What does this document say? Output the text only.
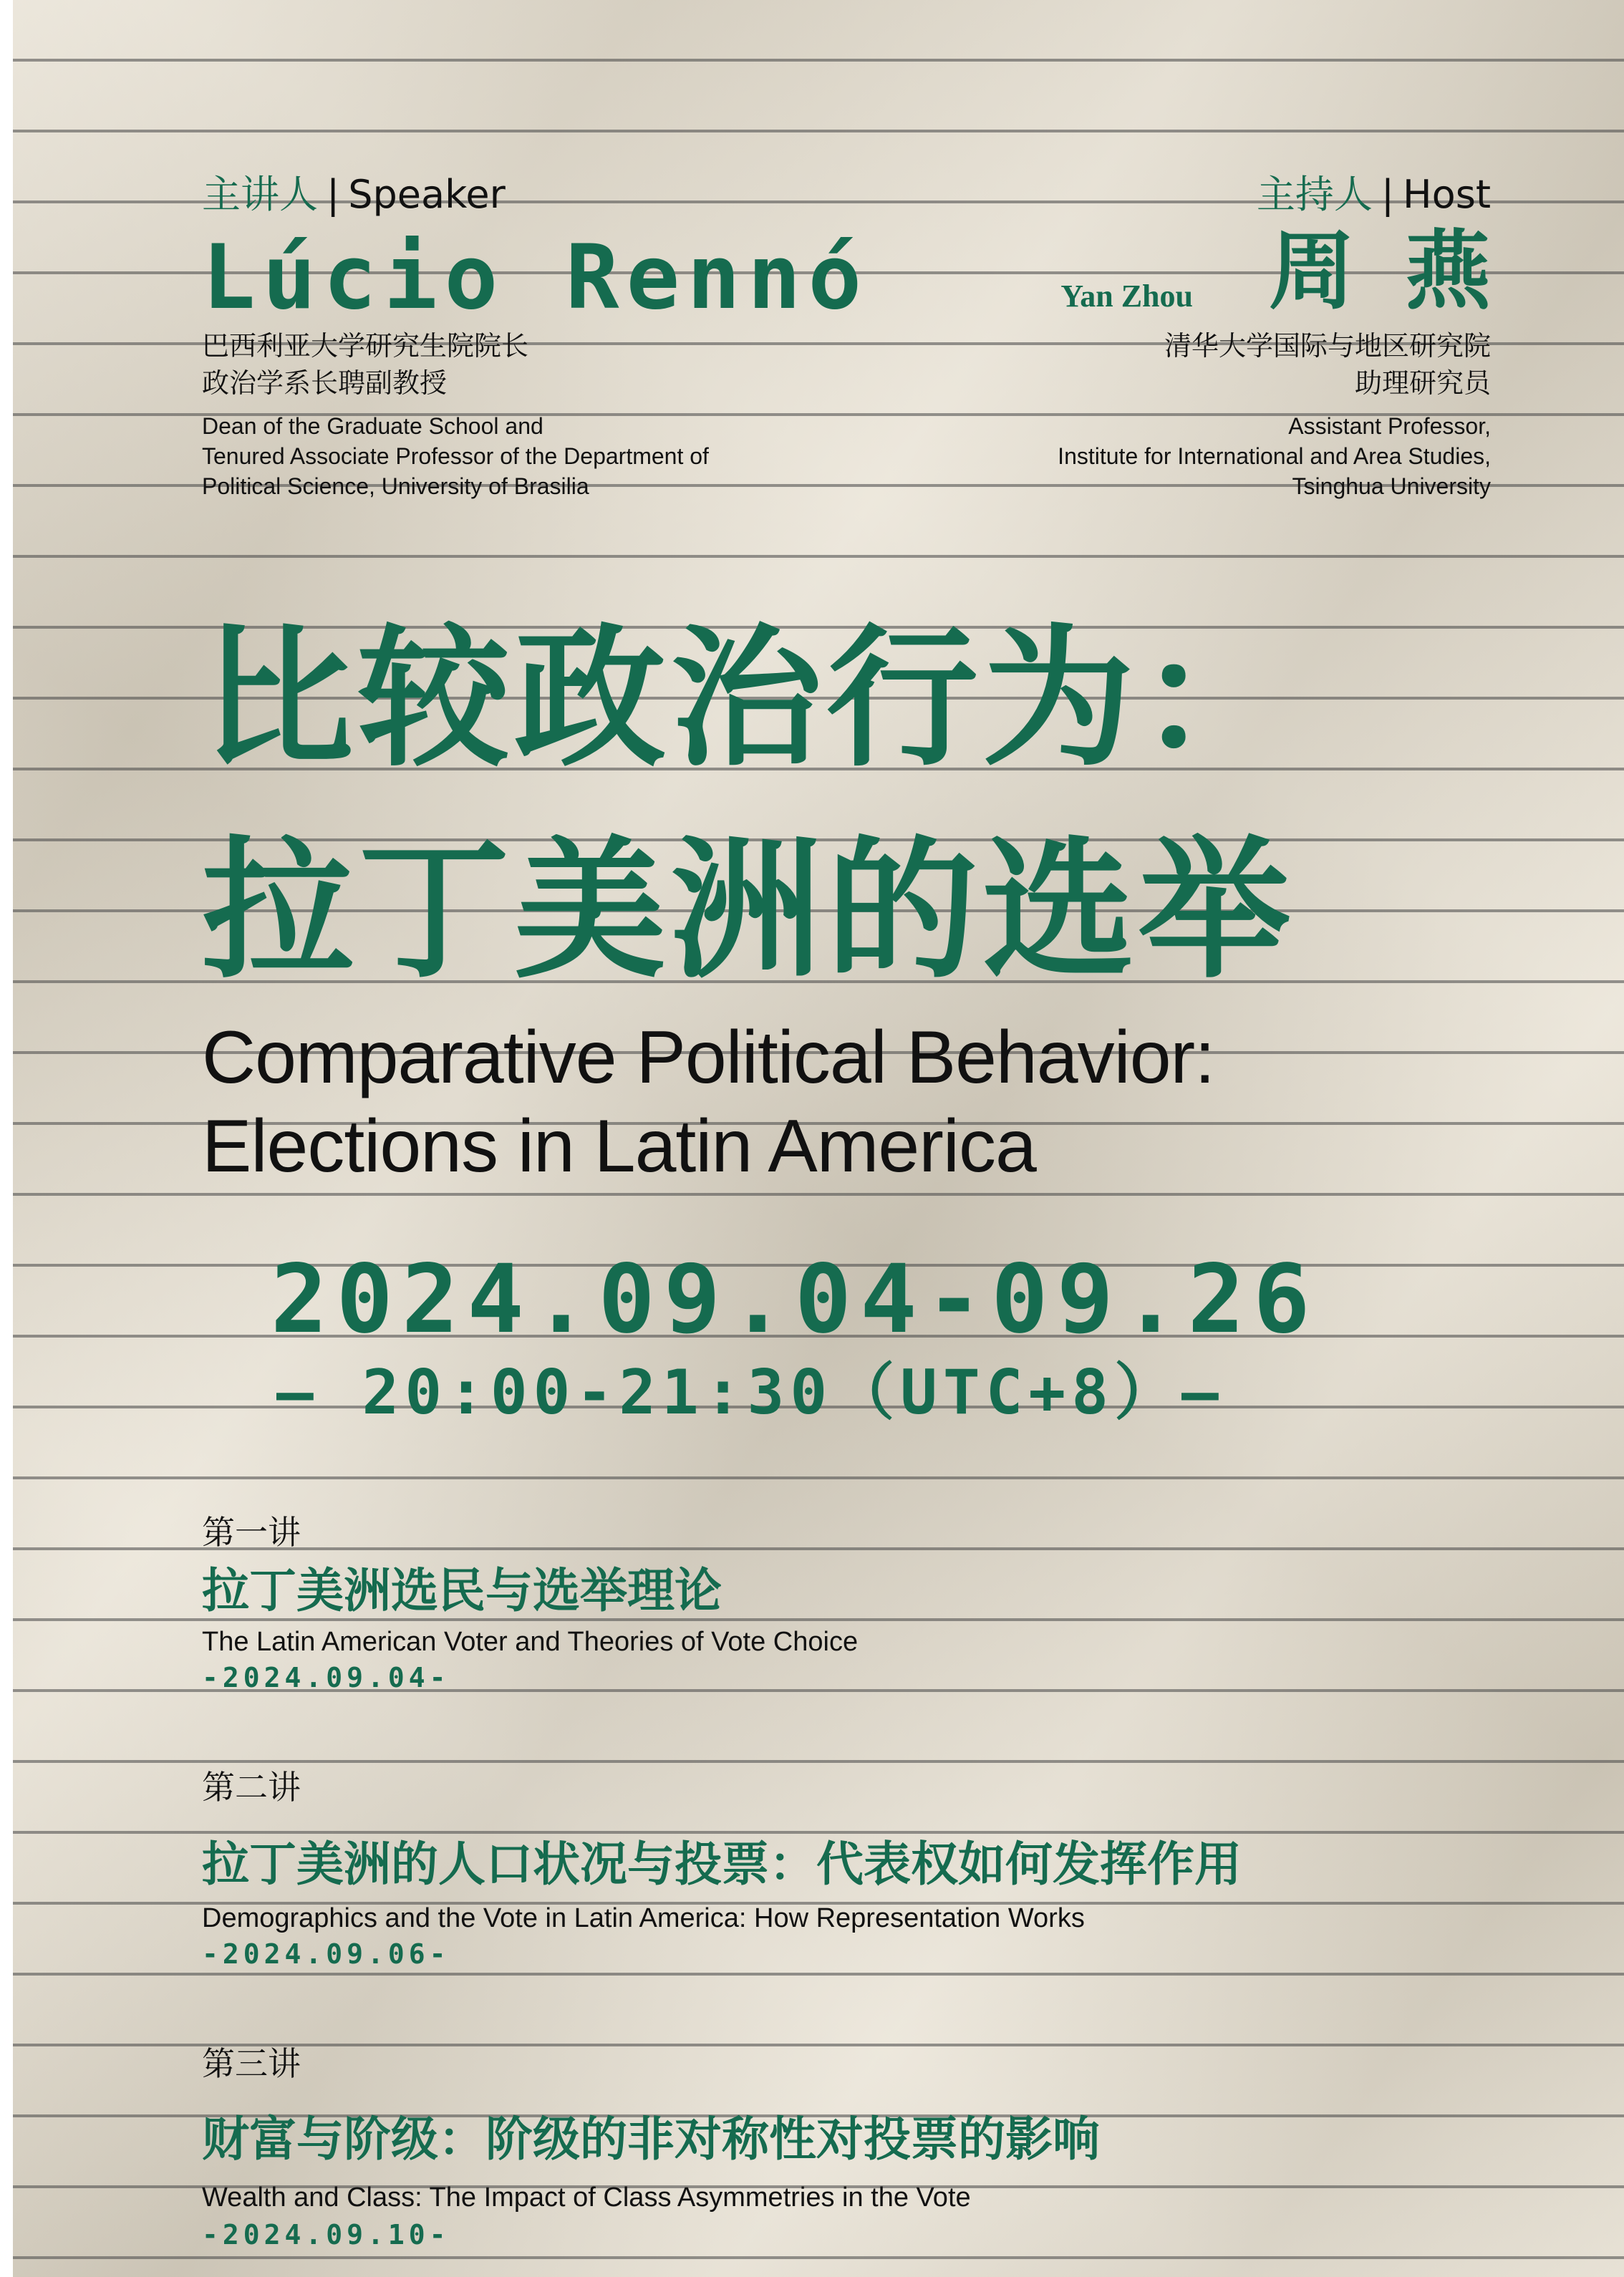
主讲人 | Speaker
Lúcio Rennó
巴西利亚大学研究生院院长
政治学系长聘副教授
Dean of the Graduate School and
Tenured Associate Professor of the Department of
Political Science, University of Brasilia
主持人 | Host
Yan Zhou 周燕
清华大学国际与地区研究院
助理研究员
Assistant Professor,
Institute for International and Area Studies,
Tsinghua University
比较政治行为：
拉丁美洲的选举
Comparative Political Behavior:
Elections in Latin America
2024.09.04-09.26
— 20:00-21:30（UTC+8）—
第一讲
拉丁美洲选民与选举理论
The Latin American Voter and Theories of Vote Choice
-2024.09.04-
第二讲
拉丁美洲的人口状况与投票：代表权如何发挥作用
Demographics and the Vote in Latin America: How Representation Works
-2024.09.06-
第三讲
财富与阶级：阶级的非对称性对投票的影响
Wealth and Class: The Impact of Class Asymmetries in the Vote
-2024.09.10-
